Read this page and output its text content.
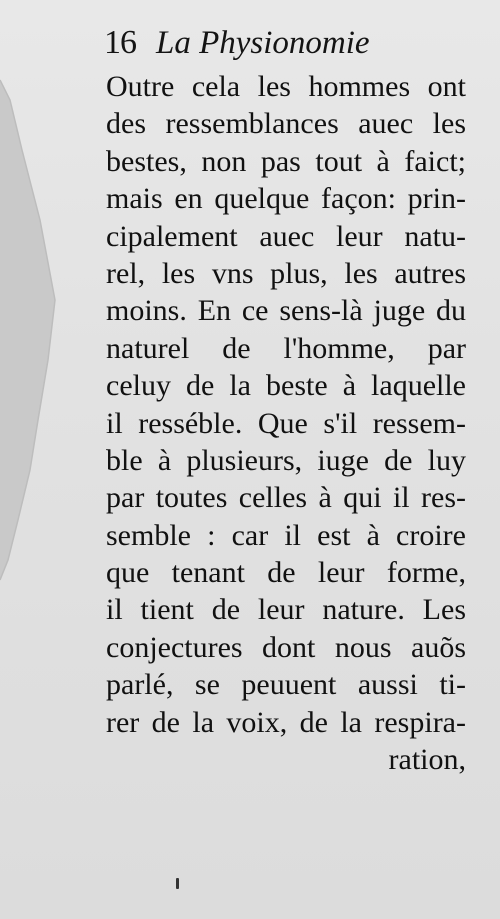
16 La Physionomie
Outre cela les hommes ont
des ressemblances auec les
bestes, non pas tout à faict;
mais en quelque façon: prin-
cipalement auec leur natu-
rel, les vns plus, les autres
moins. En ce sens-là juge du
naturel de l'homme, par
celuy de la beste à laquelle
il resséble. Que s'il ressem-
ble à plusieurs, iuge de luy
par toutes celles à qui il res-
semble : car il est à croire
que tenant de leur forme,
il tient de leur nature. Les
conjectures dont nous auõs
parlé, se peuuent aussi ti-
rer de la voix, de la respira-
ration,
